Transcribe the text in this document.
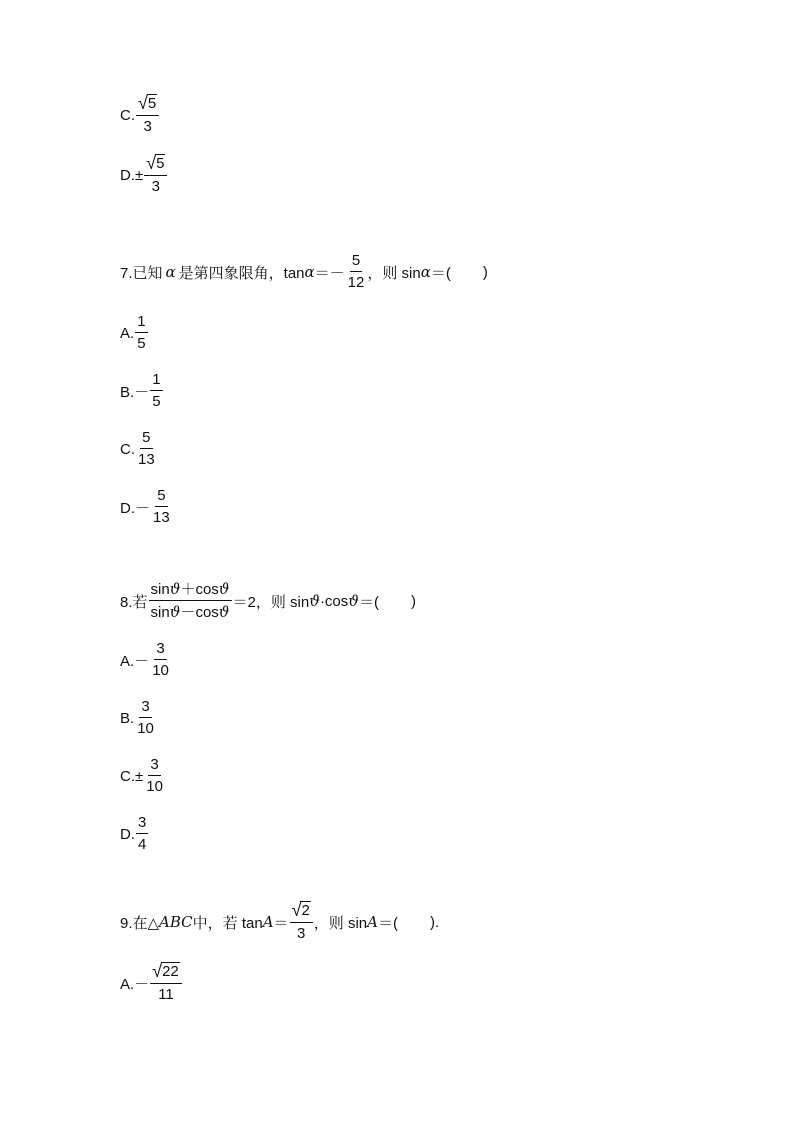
C. $\frac{√ 5}{3}$
$D.\pm \frac{√ 5}{3}$
7.已知 α 是第四象限角，$\tan \alpha =- \frac{5}{12}$ ，则 sin α ＝( )
A. $\frac{1}{5}$
$B.- \frac{1}{5}$
C. $\frac{5}{13}$
$D.- \frac{5}{13}$
8.若 $\frac{\sin ϑ+\cos ϑ}{\sin ϑ-\cos ϑ} =2$，则 sin ϑ ·cos ϑ ＝( )
$A.- \frac{3}{10}$
B. $\frac{3}{10}$
$C.\pm \frac{3}{10}$
D. $\frac{3}{4}$
9.在△ ABC 中，若 $\tan A = \frac{√ 2}{3}$ ，则 sin A ＝( ).
$A.- \frac{√ 22}{11}$
